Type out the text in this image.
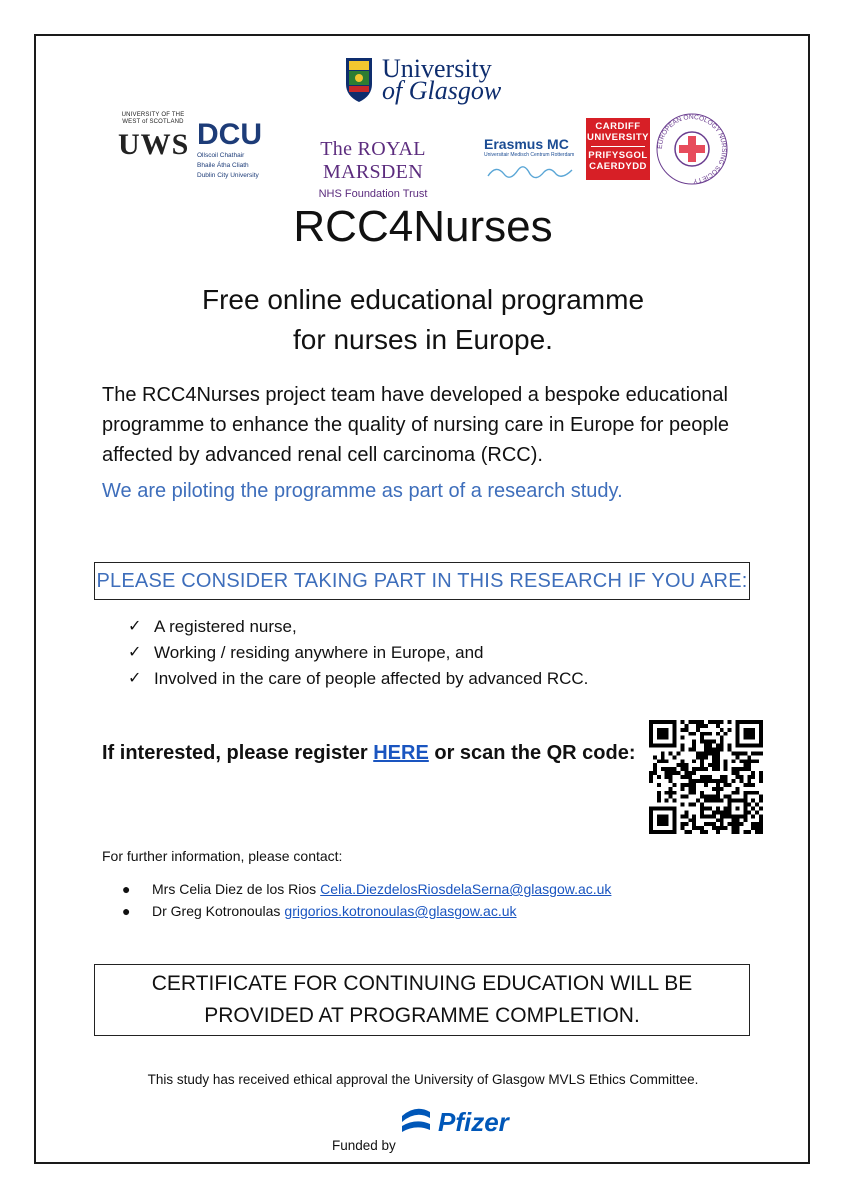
University
of Glasgow
UNIVERSITY OF THE WEST of SCOTLAND
UWS DCU
Ollscoil Chathair
Bhaile Átha Cliath
Dublin City University
The ROYAL MARSDEN
NHS Foundation Trust
Erasmus MC
Universitair Medisch Centrum Rotterdam
CARDIFF
UNIVERSITY
PRIFYSGOL
CAERDYDD
EUROPEAN ONCOLOGY NURSING SOCIETY
RCC4Nurses
Free online educational programme
for nurses in Europe.
The RCC4Nurses project team have developed a bespoke educational programme to enhance the quality of nursing care in Europe for people affected by advanced renal cell carcinoma (RCC).
We are piloting the programme as part of a research study.
PLEASE CONSIDER TAKING PART IN THIS RESEARCH IF YOU ARE:
✓ A registered nurse,
✓ Working / residing anywhere in Europe, and
✓ Involved in the care of people affected by advanced RCC.
If interested, please register HERE or scan the QR code:
For further information, please contact:
●	Mrs Celia Diez de los Rios Celia.DiezdelosRiosdelaSerna@glasgow.ac.uk
●	Dr Greg Kotronoulas grigorios.kotronoulas@glasgow.ac.uk
CERTIFICATE FOR CONTINUING EDUCATION WILL BE
PROVIDED AT PROGRAMME COMPLETION.
This study has received ethical approval the University of Glasgow MVLS Ethics Committee.
Funded by
Pfizer
